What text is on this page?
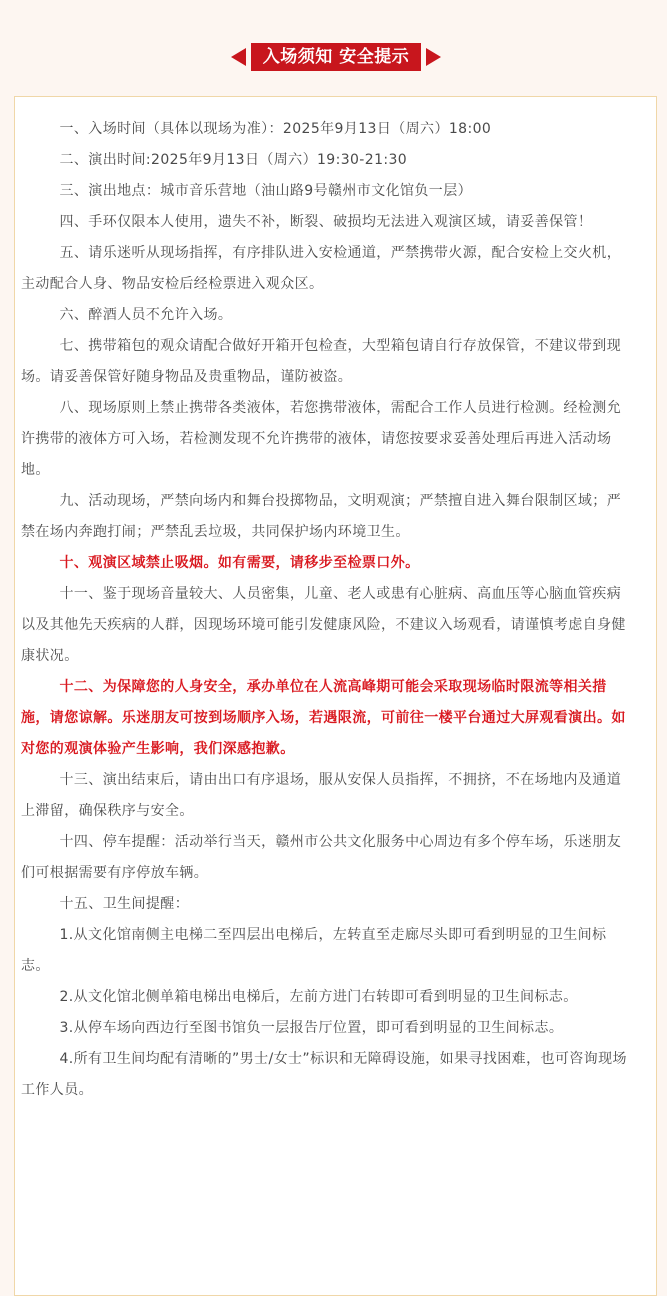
入场须知 安全提示

一、入场时间（具体以现场为准）：2025年9月13日（周六）18:00

二、演出时间:2025年9月13日（周六）19:30-21:30

三、演出地点：城市音乐营地（油山路9号赣州市文化馆负一层）

四、手环仅限本人使用，遗失不补，断裂、破损均无法进入观演区域，请妥善保管！

五、请乐迷听从现场指挥，有序排队进入安检通道，严禁携带火源，配合安检上交火机，主动配合人身、物品安检后经检票进入观众区。

六、醉酒人员不允许入场。

七、携带箱包的观众请配合做好开箱开包检查，大型箱包请自行存放保管，不建议带到现场。请妥善保管好随身物品及贵重物品，谨防被盗。

八、现场原则上禁止携带各类液体，若您携带液体，需配合工作人员进行检测。经检测允许携带的液体方可入场，若检测发现不允许携带的液体，请您按要求妥善处理后再进入活动场地。

九、活动现场，严禁向场内和舞台投掷物品，文明观演；严禁擅自进入舞台限制区域；严禁在场内奔跑打闹；严禁乱丢垃圾，共同保护场内环境卫生。

十、观演区域禁止吸烟。如有需要，请移步至检票口外。

十一、鉴于现场音量较大、人员密集，儿童、老人或患有心脏病、高血压等心脑血管疾病以及其他先天疾病的人群，因现场环境可能引发健康风险，不建议入场观看，请谨慎考虑自身健康状况。

十二、为保障您的人身安全，承办单位在人流高峰期可能会采取现场临时限流等相关措施，请您谅解。乐迷朋友可按到场顺序入场，若遇限流，可前往一楼平台通过大屏观看演出。如对您的观演体验产生影响，我们深感抱歉。

十三、演出结束后，请由出口有序退场，服从安保人员指挥，不拥挤，不在场地内及通道上滞留，确保秩序与安全。

十四、停车提醒：活动举行当天，赣州市公共文化服务中心周边有多个停车场，乐迷朋友们可根据需要有序停放车辆。

十五、卫生间提醒：

1.从文化馆南侧主电梯二至四层出电梯后，左转直至走廊尽头即可看到明显的卫生间标志。

2.从文化馆北侧单箱电梯出电梯后，左前方进门右转即可看到明显的卫生间标志。

3.从停车场向西边行至图书馆负一层报告厅位置，即可看到明显的卫生间标志。

4.所有卫生间均配有清晰的”男士/女士”标识和无障碍设施，如果寻找困难，也可咨询现场工作人员。
